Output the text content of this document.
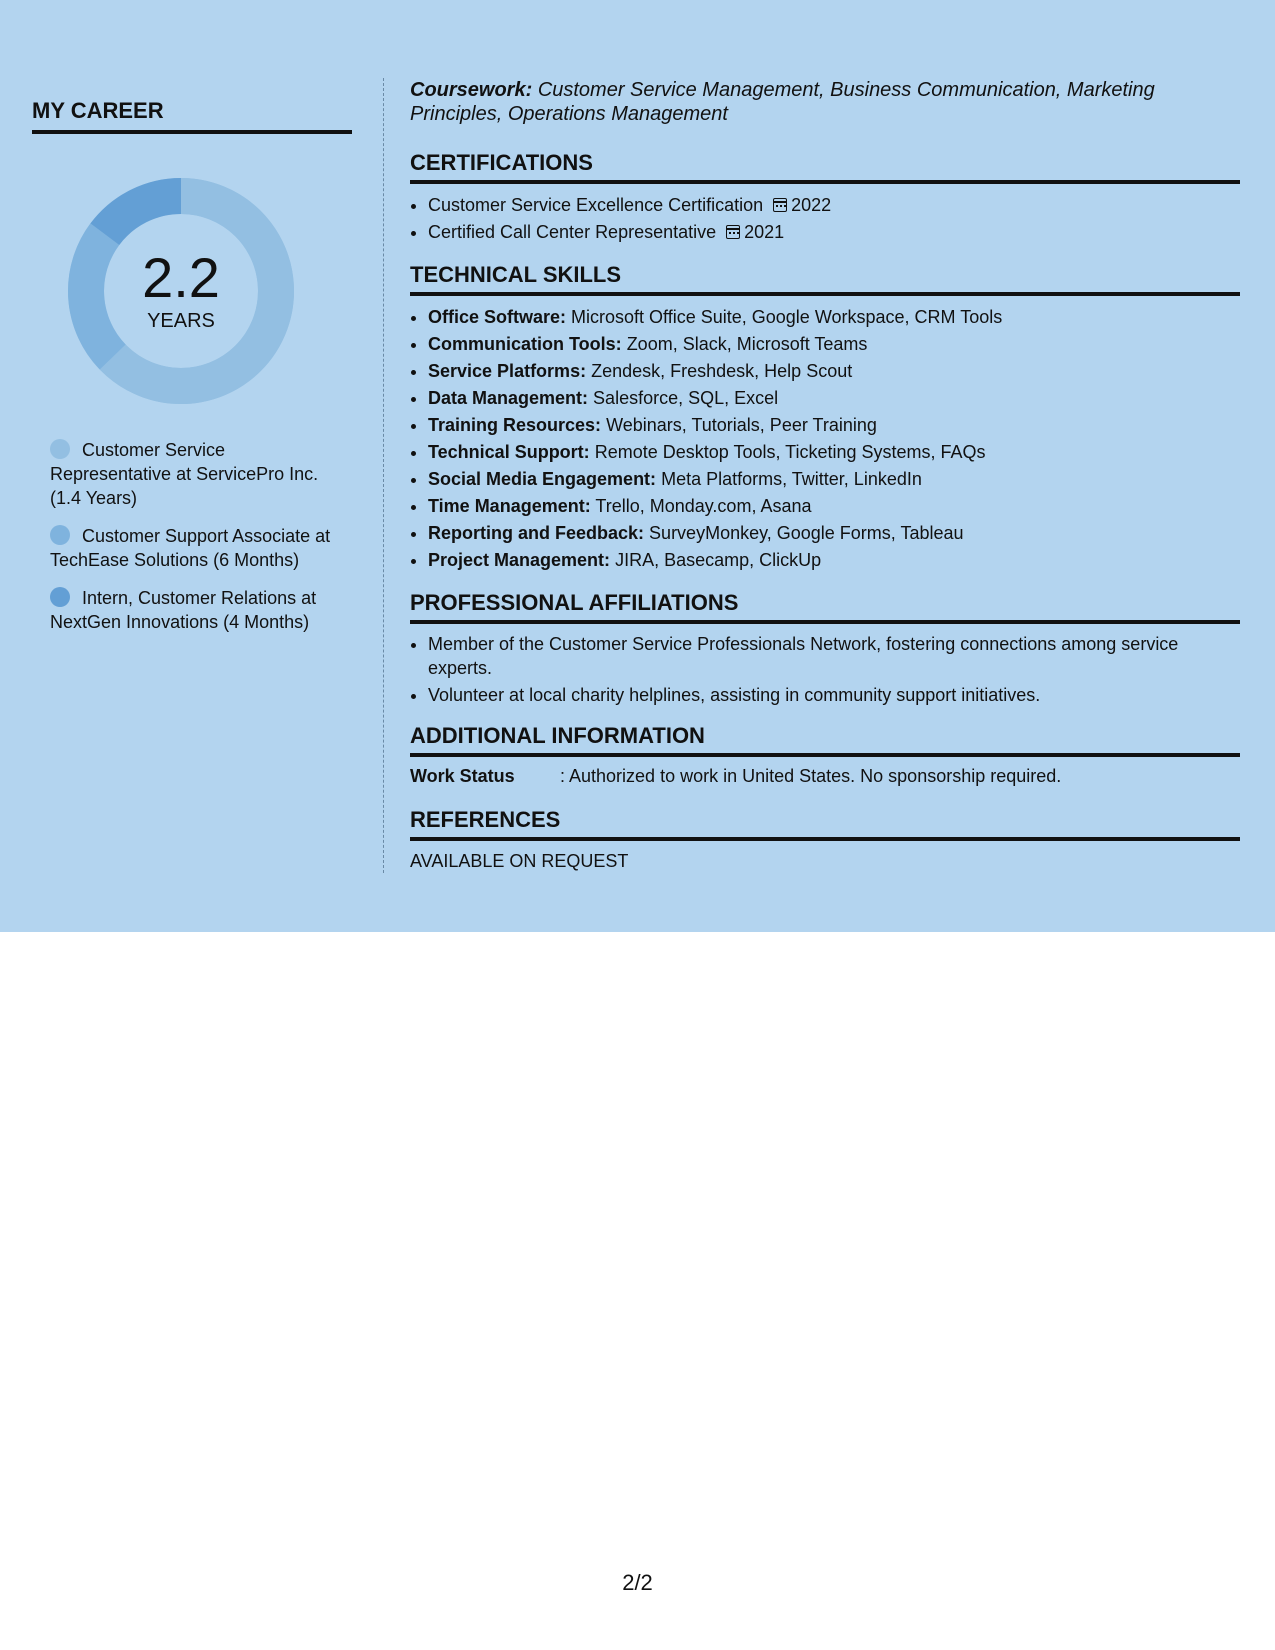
MY CAREER
2.2
YEARS
Customer Service Representative at ServicePro Inc. (1.4 Years)
Customer Support Associate at TechEase Solutions (6 Months)
Intern, Customer Relations at NextGen Innovations (4 Months)

Coursework: Customer Service Management, Business Communication, Marketing Principles, Operations Management

CERTIFICATIONS
• Customer Service Excellence Certification 2022
• Certified Call Center Representative 2021
TECHNICAL SKILLS
• Office Software: Microsoft Office Suite, Google Workspace, CRM Tools
• Communication Tools: Zoom, Slack, Microsoft Teams
• Service Platforms: Zendesk, Freshdesk, Help Scout
• Data Management: Salesforce, SQL, Excel
• Training Resources: Webinars, Tutorials, Peer Training
• Technical Support: Remote Desktop Tools, Ticketing Systems, FAQs
• Social Media Engagement: Meta Platforms, Twitter, LinkedIn
• Time Management: Trello, Monday.com, Asana
• Reporting and Feedback: SurveyMonkey, Google Forms, Tableau
• Project Management: JIRA, Basecamp, ClickUp
PROFESSIONAL AFFILIATIONS
• Member of the Customer Service Professionals Network, fostering connections among service experts.
• Volunteer at local charity helplines, assisting in community support initiatives.
ADDITIONAL INFORMATION
Work Status	: Authorized to work in United States. No sponsorship required.
REFERENCES

AVAILABLE ON REQUEST

2/2
